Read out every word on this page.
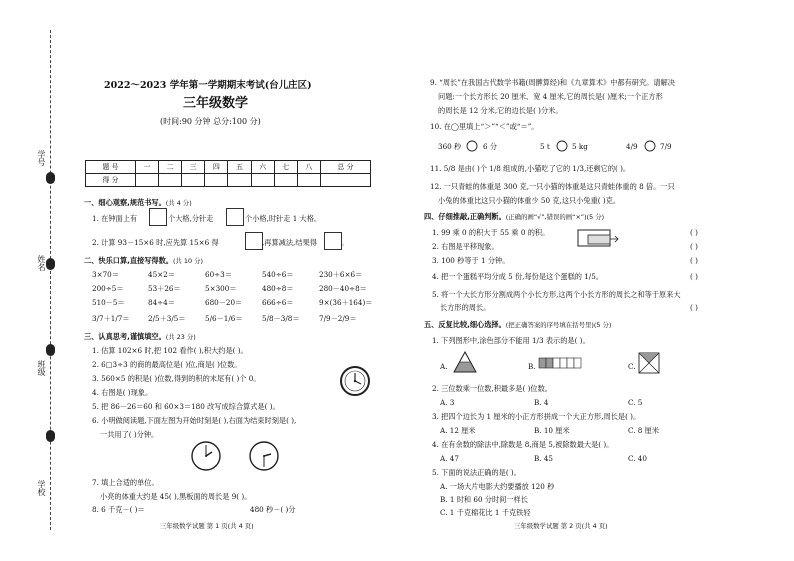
学号
姓名
班级
学校
2022～2023 学年第一学期期末考试(台儿庄区)
三年级数学
(时间:90 分钟 总分:100 分)
题 号	一	二	三	四	五	六	七	八	总 分
得 分									
一、细心观察,规范书写。(共 4 分)
1. 在钟面上有	个大格,分针走	个小格,时针走 1 大格。
2. 计算 93－15×6 时,应先算 15×6 得	,再算减法,结果得	。
二、快乐口算,直接写得数。(共 10 分)
3×70＝	45×2＝	60÷3＝	540÷6＝	230＋6×6＝
200÷5＝	53＋26＝	5×300＝	480÷8＝	280－40÷8＝
510－5＝	84÷4＝	680－20＝	666÷6＝	9×(36＋164)＝
3/7＋1/7＝	2/5＋3/5＝	5/6－1/6＝	5/8－3/8＝	7/9－2/9＝
三、认真思考,谨慎填空。(共 23 分)
1. 估算 102×6 时,把 102 看作( ),积大约是( )。
2. 6□3÷3 的商的最高位是( )位,商是( )位数。
3. 560×5 的积是( )位数,得到的积的末尾有( )个 0。
4. 右图是( )现象。
5. 把 86－26＝60 和 60×3＝180 改写成综合算式是( )。
6. 小明做阅读题,下面左图为开始时刻是( ),右面为结束时刻是( ),
一共用了( )分钟。
7. 填上合适的单位。
小亮的体重大约是 45( ),黑板面的周长是 9( )。
8. 6 千克－( )＝	480 秒－( )分
三年级数学试题 第 1 页(共 4 页)
9. “周长”在我国古代数学书籍(周髀算经)和《九章算术》中都有研究。请解决
问题:一个长方形长 20 厘米、宽 4 厘米,它的周长是( )厘米;一个正方形
的周长是 12 分米,它的边长是( )分米。
10. 在◯里填上“＞”“＜”或“＝”。
360 秒	6 分	5 t	5 kg	4/9	7/9
11. 5/8 是由( )个 1/8 组成的,小猫吃了它的 1/3,还剩它的( )。
12. 一只青蛙的体重是 300 克,一只小猫的体重是这只青蛙体重的 8 倍。一只
小兔的体重比这只小猫的体重少 50 克,这只小兔重( )克。
四、仔细推敲,正确判断。(正确的画“√”,错误的画“×”)(5 分)
1. 99 乘 0 的积大于 55 乘 0 的积。	( )
2. 右图是平移现象。	( )
3. 100 秒等于 1 分钟。	( )
4. 把一个蛋糕平均分成 5 份,每份是这个蛋糕的 1/5。	( )
5. 将一个大长方形分割成两个小长方形,这两个小长方形的周长之和等于原来大
长方形的周长。	( )
五、反复比较,细心选择。(把正确答案的序号填在括号里)(5 分)
1. 下列图形中,涂色部分不能用 1/3 表示的是( )。
A.	B.	C.
2. 三位数乘一位数,积最多是( )位数。
A. 3	B. 4	C. 5
3. 把四个边长为 1 厘米的小正方形拼成一个大正方形,周长是( )。
A. 12 厘米	B. 10 厘米	C. 8 厘米
4. 在有余数的除法中,除数是 8,商是 5,被除数最大是( )。
A. 47	B. 45	C. 40
5. 下面的说法正确的是( )。
A. 一场大片电影大约要播放 120 秒
B. 1 时和 60 分时间一样长
C. 1 千克棉花比 1 千克铁轻
三年级数学试题 第 2 页(共 4 页)
